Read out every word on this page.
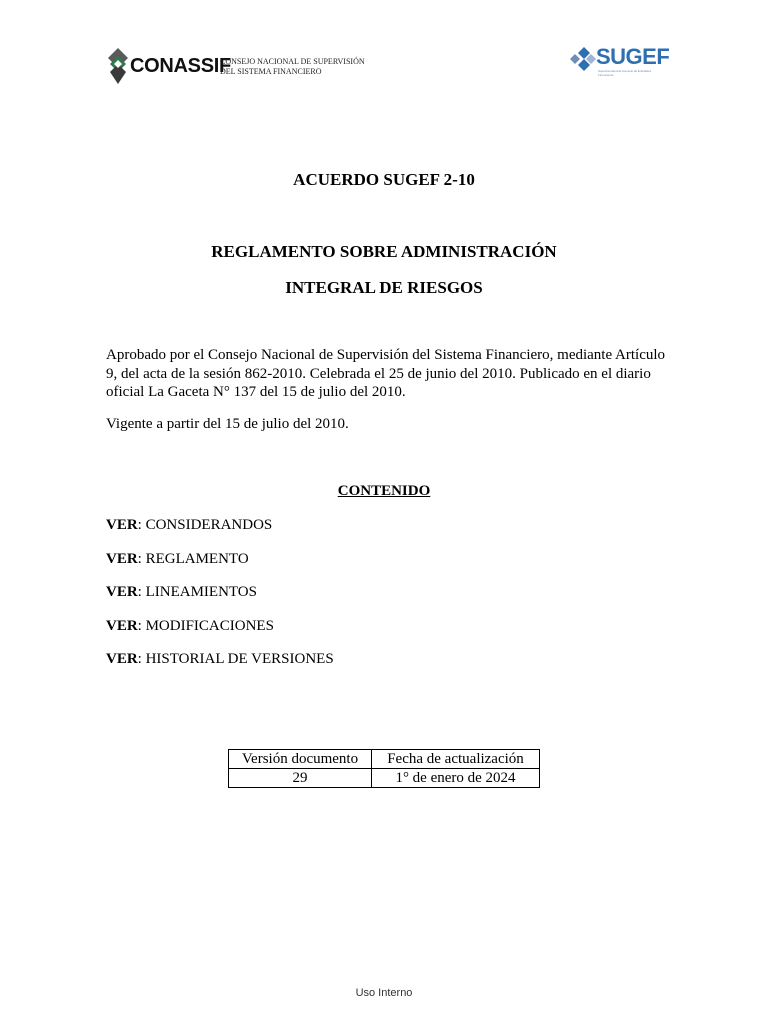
CONASSIF
CONSEJO NACIONAL DE SUPERVISIÓN
DEL SISTEMA FINANCIERO
SUGEF
Superintendencia General de Entidades Financieras
ACUERDO SUGEF 2-10
REGLAMENTO SOBRE ADMINISTRACIÓN
INTEGRAL DE RIESGOS
Aprobado por el Consejo Nacional de Supervisión del Sistema Financiero, mediante Artículo 9, del acta de la sesión 862-2010. Celebrada el 25 de junio del 2010. Publicado en el diario oficial La Gaceta N° 137 del 15 de julio del 2010.
Vigente a partir del 15 de julio del 2010.
CONTENIDO
VER: CONSIDERANDOS
VER: REGLAMENTO
VER: LINEAMIENTOS
VER: MODIFICACIONES
VER: HISTORIAL DE VERSIONES
Versión documento	Fecha de actualización
29	1° de enero de 2024
Uso Interno
